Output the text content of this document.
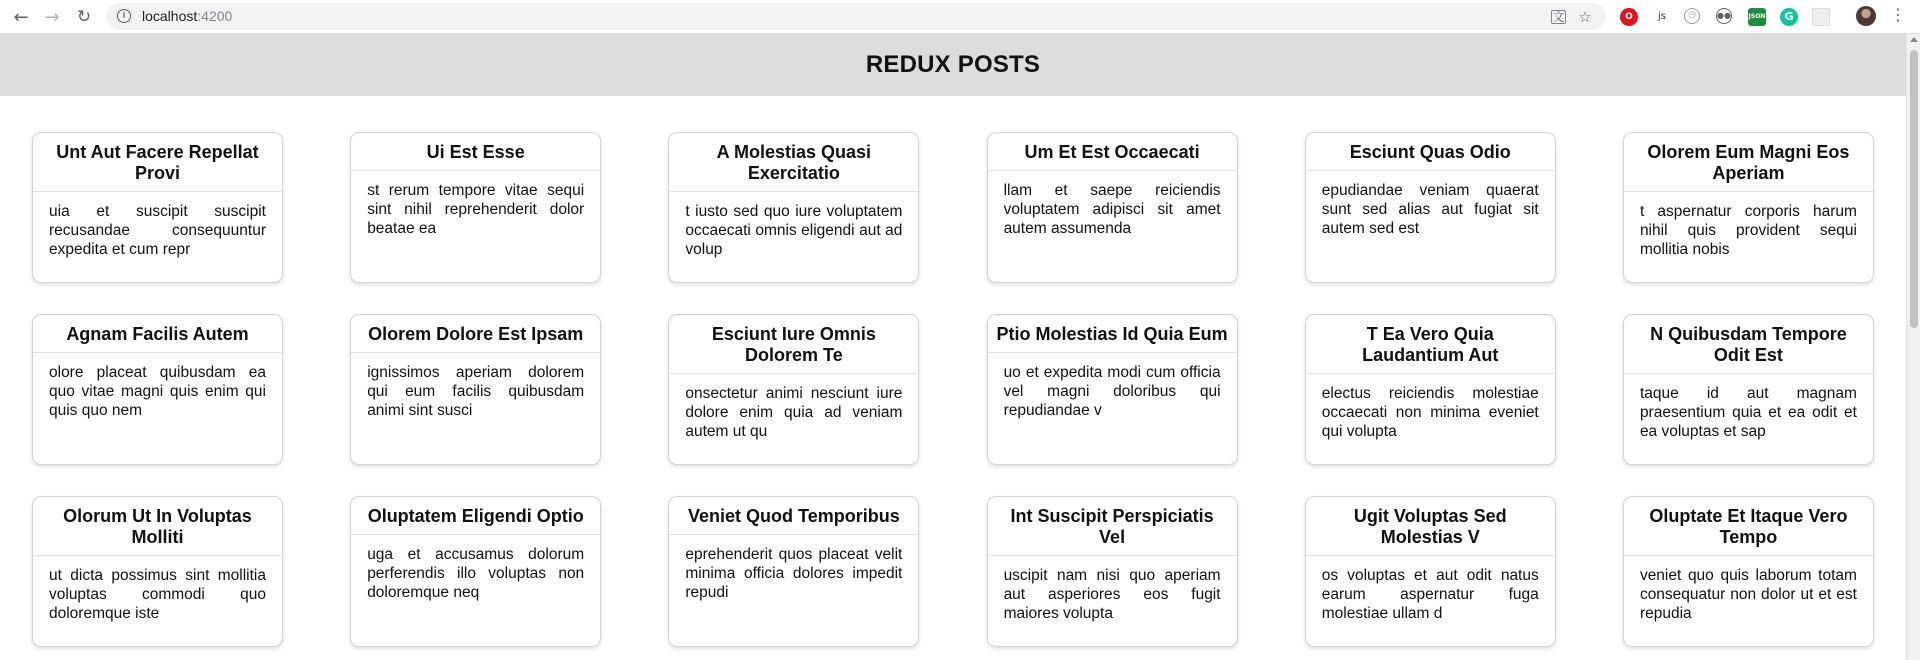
← → ↻	i	localhost:4200	文 ☆	O	js	◷	●●	JSON	G	⋮
REDUX POSTS
Unt Aut Facere Repellat Provi
uia et suscipit suscipit recusandae consequuntur expedita et cum repr
Ui Est Esse
st rerum tempore vitae sequi sint nihil reprehenderit dolor beatae ea
A Molestias Quasi Exercitatio
t iusto sed quo iure voluptatem occaecati omnis eligendi aut ad volup
Um Et Est Occaecati
llam et saepe reiciendis voluptatem adipisci sit amet autem assumenda
Esciunt Quas Odio
epudiandae veniam quaerat sunt sed alias aut fugiat sit autem sed est
Olorem Eum Magni Eos Aperiam
t aspernatur corporis harum nihil quis provident sequi mollitia nobis
Agnam Facilis Autem
olore placeat quibusdam ea quo vitae magni quis enim qui quis quo nem
Olorem Dolore Est Ipsam
ignissimos aperiam dolorem qui eum facilis quibusdam animi sint susci
Esciunt Iure Omnis Dolorem Te
onsectetur animi nesciunt iure dolore enim quia ad veniam autem ut qu
Ptio Molestias Id Quia Eum
uo et expedita modi cum officia vel magni doloribus qui repudiandae v
T Ea Vero Quia Laudantium Aut
electus reiciendis molestiae occaecati non minima eveniet qui volupta
N Quibusdam Tempore Odit Est
taque id aut magnam praesentium quia et ea odit et ea voluptas et sap
Olorum Ut In Voluptas Molliti
ut dicta possimus sint mollitia voluptas commodi quo doloremque iste
Oluptatem Eligendi Optio
uga et accusamus dolorum perferendis illo voluptas non doloremque neq
Veniet Quod Temporibus
eprehenderit quos placeat velit minima officia dolores impedit repudi
Int Suscipit Perspiciatis Vel
uscipit nam nisi quo aperiam aut asperiores eos fugit maiores volupta
Ugit Voluptas Sed Molestias V
os voluptas et aut odit natus earum aspernatur fuga molestiae ullam d
Oluptate Et Itaque Vero Tempo
veniet quo quis laborum totam consequatur non dolor ut et est repudia
